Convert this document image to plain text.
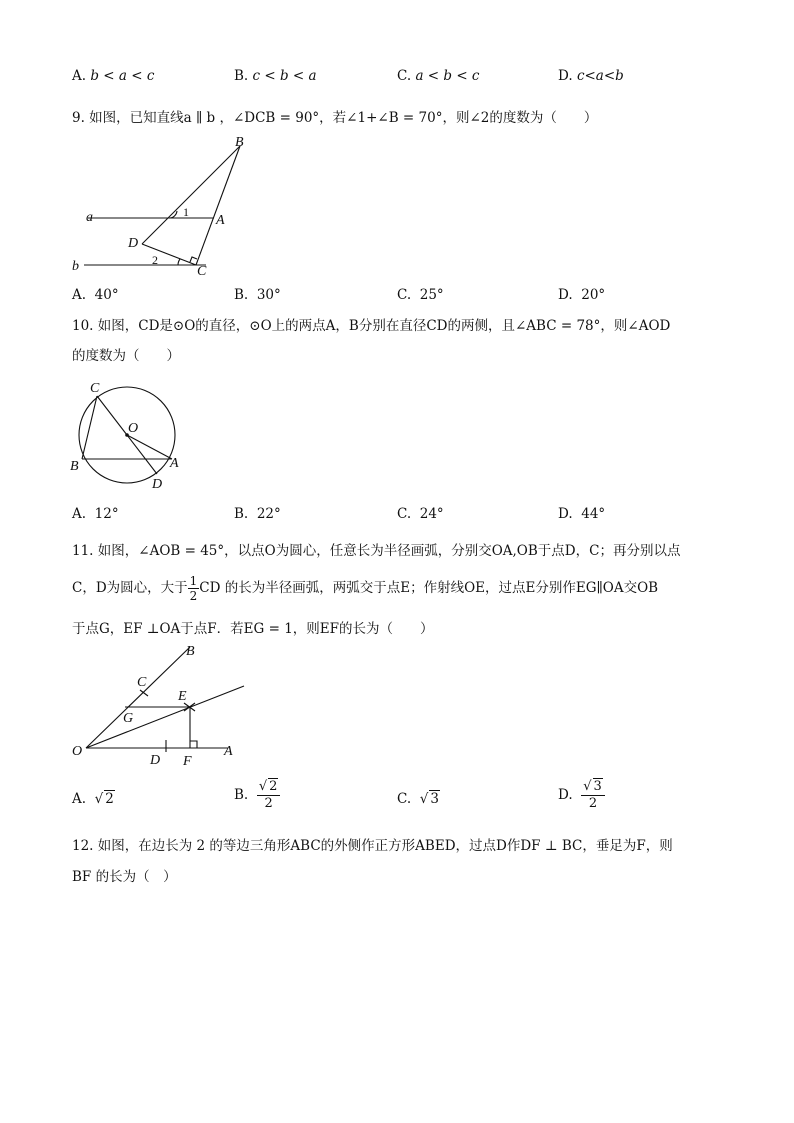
A. b < a < c	B. c < b < a	C. a < b < c	D. c<a<b
9. 如图，已知直线a ∥ b ，∠DCB = 90°，若∠1+∠B = 70°，则∠2的度数为（　　）
B
a	A
D
b	C
1
2
A. 40°	B. 30°	C. 25°	D. 20°
10. 如图，CD是⊙O的直径，⊙O上的两点A，B分别在直径CD的两侧，且∠ABC = 78°，则∠AOD
的度数为（　　）
C
O
B	A
D
A. 12°	B. 22°	C. 24°	D. 44°
11. 如图，∠AOB = 45°，以点O为圆心，任意长为半径画弧，分别交OA,OB于点D，C；再分别以点
C，D为圆心，大于 $\frac{1}{2}$ CD 的长为半径画弧，两弧交于点E；作射线OE，过点E分别作EG∥OA交OB
于点G，EF ⊥OA于点F．若EG = 1，则EF的长为（　　）
B
C
E
G
O
D F
A
A.  √ 2	B. $\frac{√ 2}{2}$	C.  √ 3	D. $\frac{√ 3}{2}$
12. 如图，在边长为 2 的等边三角形ABC的外侧作正方形ABED，过点D作DF ⊥ BC，垂足为F，则
BF 的长为（　）
